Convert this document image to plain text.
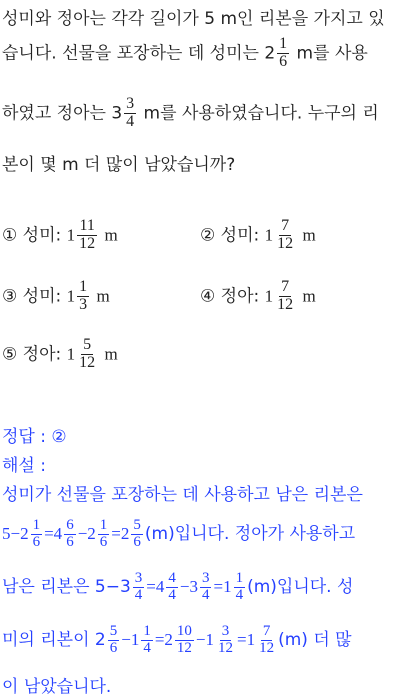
성미와 정아는 각각 길이가 5 m인 리본을 가지고 있
습니다. 선물을 포장하는 데 성미는 $2 \frac{1}{6}$ m를 사용
하였고 정아는 $3 \frac{3}{4}$ m를 사용하였습니다. 누구의 리
본이 몇 m 더 많이 남았습니까?
① 성미: $1 \frac{11}{12}$ m	② 성미: $1 \frac{7}{12}$ m
③ 성미: $1 \frac{1}{3}$ m	④ 정아: $1 \frac{7}{12}$ m
⑤ 정아: $1 \frac{5}{12}$ m
정답 : ②
해설 :
성미가 선물을 포장하는 데 사용하고 남은 리본은
$5-2 \frac{1}{6} =4 \frac{6}{6} -2 \frac{1}{6} =2 \frac{5}{6} (m)$입니다. 정아가 사용하고
남은 리본은 $5-3 \frac{3}{4} =4 \frac{4}{4} -3 \frac{3}{4} =1 \frac{1}{4} (m)$입니다. 성
미의 리본이 $2 \frac{5}{6} -1 \frac{1}{4} =2 \frac{10}{12} -1 \frac{3}{12} =1 \frac{7}{12} (m)$ 더 많
이 남았습니다.
